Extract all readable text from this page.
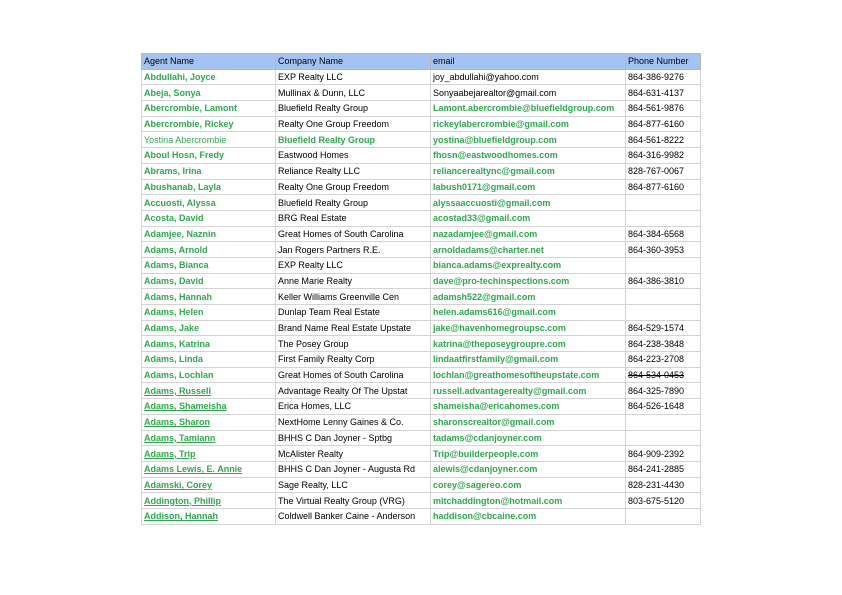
Agent Name	Company Name	email	Phone Number
Abdullahi, Joyce	EXP Realty LLC	joy_abdullahi@yahoo.com	864-386-9276
Abeja, Sonya	Mullinax & Dunn, LLC	Sonyaabejarealtor@gmail.com	864-631-4137
Abercrombie, Lamont	Bluefield Realty Group	Lamont.abercrombie@bluefieldgroup.com	864-561-9876
Abercrombie, Rickey	Realty One Group Freedom	rickeylabercrombie@gmail.com	864-877-6160
Yostina Abercrombie	Bluefield Realty Group	yostina@bluefieldgroup.com	864-561-8222
Aboul Hosn, Fredy	Eastwood Homes	fhosn@eastwoodhomes.com	864-316-9982
Abrams, Irina	Reliance Realty LLC	reliancerealtync@gmail.com	828-767-0067
Abushanab, Layla	Realty One Group Freedom	labush0171@gmail.com	864-877-6160
Accuosti, Alyssa	Bluefield Realty Group	alyssaaccuosti@gmail.com	
Acosta, David	BRG Real Estate	acostad33@gmail.com	
Adamjee, Naznin	Great Homes of South Carolina	nazadamjee@gmail.com	864-384-6568
Adams, Arnold	Jan Rogers Partners R.E.	arnoldadams@charter.net	864-360-3953
Adams, Bianca	EXP Realty LLC	bianca.adams@exprealty.com	
Adams, David	Anne Marie Realty	dave@pro-techinspections.com	864-386-3810
Adams, Hannah	Keller Williams Greenville Cen	adamsh522@gmail.com	
Adams, Helen	Dunlap Team Real Estate	helen.adams616@gmail.com	
Adams, Jake	Brand Name Real Estate Upstate	jake@havenhomegroupsc.com	864-529-1574
Adams, Katrina	The Posey Group	katrina@theposeygroupre.com	864-238-3848
Adams, Linda	First Family Realty Corp	lindaatfirstfamily@gmail.com	864-223-2708
Adams, Lochlan	Great Homes of South Carolina	lochlan@greathomesoftheupstate.com	864-534-0453
Adams, Russell	Advantage Realty Of The Upstat	russell.advantagerealty@gmail.com	864-325-7890
Adams, Shameisha	Erica Homes, LLC	shameisha@ericahomes.com	864-526-1648
Adams, Sharon	NextHome Lenny Gaines & Co.	sharonscrealtor@gmail.com	
Adams, Tamiann	BHHS C Dan Joyner - Sptbg	tadams@cdanjoyner.com	
Adams, Trip	McAlister Realty	Trip@builderpeople.com	864-909-2392
Adams Lewis, E. Annie	BHHS C Dan Joyner - Augusta Rd	alewis@cdanjoyner.com	864-241-2885
Adamski, Corey	Sage Realty, LLC	corey@sagereo.com	828-231-4430
Addington, Phillip	The Virtual Realty Group (VRG)	mitchaddington@hotmail.com	803-675-5120
Addison, Hannah	Coldwell Banker Caine - Anderson	haddison@cbcaine.com	
